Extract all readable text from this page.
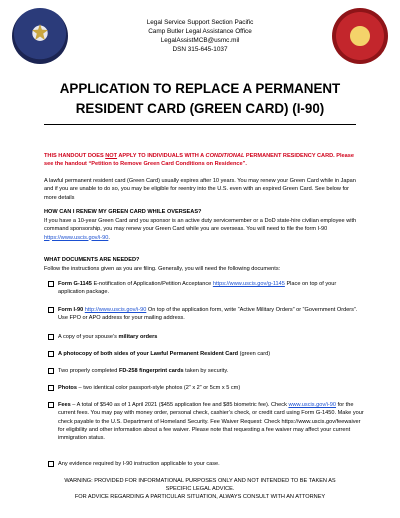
Legal Service Support Section Pacific
Camp Butler Legal Assistance Office
LegalAssistMCB@usmc.mil
DSN 315-645-1037
APPLICATION TO REPLACE A PERMANENT
RESIDENT CARD (GREEN CARD) (I-90)
THIS HANDOUT DOES NOT APPLY TO INDIVIDUALS WITH A CONDITIONAL PERMANENT RESIDENCY CARD. Please see the handout “Petition to Remove Green Card Conditions on Residence”.
A lawful permanent resident card (Green Card) usually expires after 10 years. You may renew your Green Card while in Japan and if you are unable to do so, you may be eligible for reentry into the U.S. even with an expired Green Card. See below for more details
HOW CAN I RENEW MY GREEN CARD WHILE OVERSEAS?
If you have a 10-year Green Card and you sponsor is an active duty servicemember or a DoD state-hire civilian employee with command sponsorship, you may renew your Green Card while you are overseas. You will need to file the form I-90 https://www.uscis.gov/i-90.
WHAT DOCUMENTS ARE NEEDED?
Follow the instructions given as you are filing. Generally, you will need the following documents:
Form G-1145 E-notification of Application/Petition Acceptance https://www.uscis.gov/g-1145 Place on top of your application package.
Form I-90 http://www.uscis.gov/i-90 On top of the application form, write “Active Military Orders” or “Government Orders”. Use FPO or APO address for your mailing address.
A copy of your spouse’s military orders
A photocopy of both sides of your Lawful Permanent Resident Card (green card)
Two properly completed FD-258 fingerprint cards taken by security.
Photos – two identical color passport-style photos (2” x 2” or 5cm x 5 cm)
Fees – A total of $540 as of 1 April 2021 ($455 application fee and $85 biometric fee). Check www.uscis.gov/i-90 for the current fees. You may pay with money order, personal check, cashier’s check, or credit card using Form G-1450. Make your check payable to the U.S. Department of Homeland Security. Fee Waiver Request: Check https://www.uscis.gov/feewaiver for eligibility and other information about a fee waiver. Please note that requesting a fee waiver may affect your current immigration status.
Any evidence required by I-90 instruction applicable to your case.
WARNING: PROVIDED FOR INFORMATIONAL PURPOSES ONLY AND NOT INTENDED TO BE TAKEN AS
SPECIFIC LEGAL ADVICE.
FOR ADVICE REGARDING A PARTICULAR SITUATION, ALWAYS CONSULT WITH AN ATTORNEY
